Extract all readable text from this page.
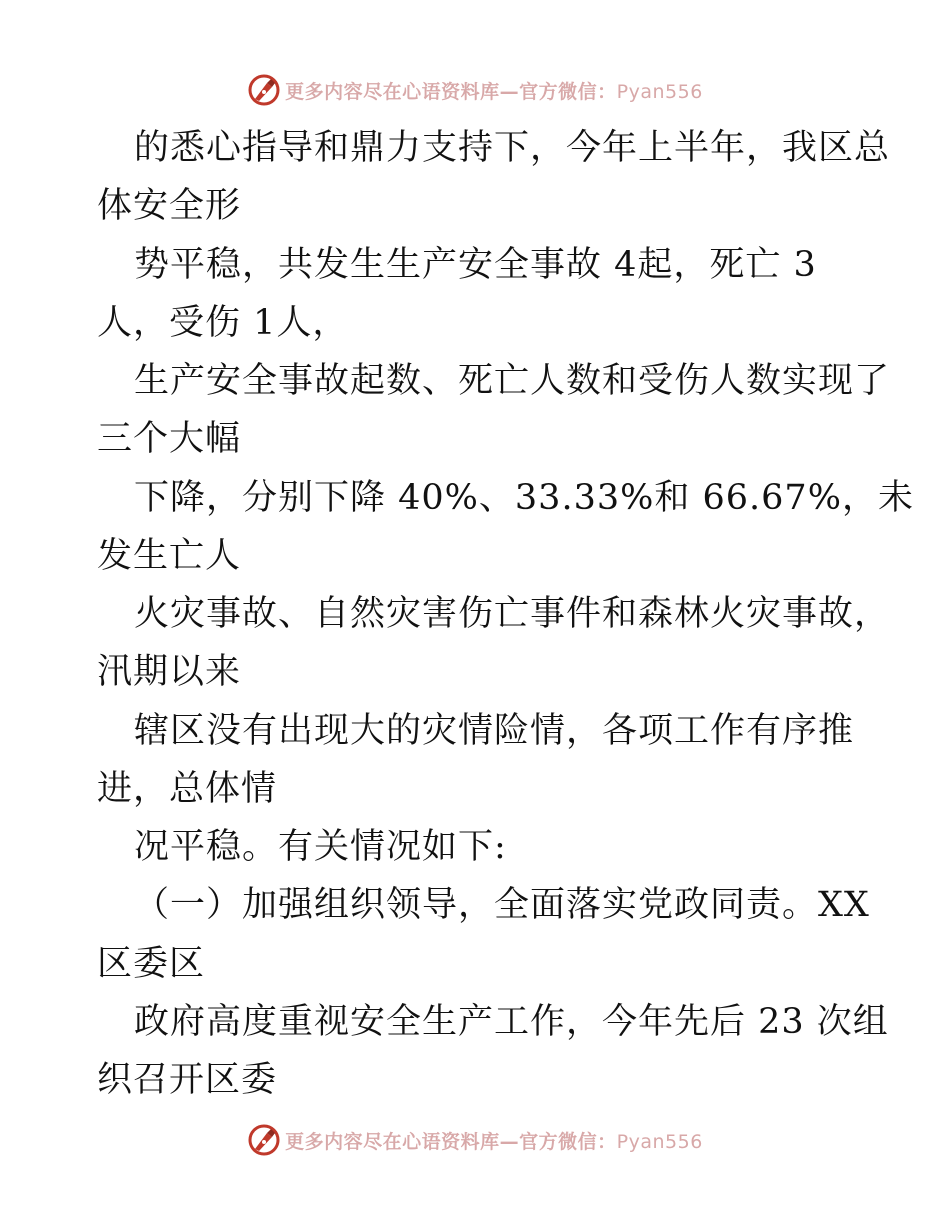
更多内容尽在心语资料库—官方微信：Pyan556
的悉心指导和鼎力支持下，今年上半年，我区总
体安全形
势平稳，共发生生产安全事故 4起，死亡 3
人，受伤 1人，
生产安全事故起数、死亡人数和受伤人数实现了
三个大幅
下降，分别下降 40%、33.33%和 66.67%，未
发生亡人
火灾事故、自然灾害伤亡事件和森林火灾事故，
汛期以来
辖区没有出现大的灾情险情，各项工作有序推
进，总体情
况平稳。有关情况如下:
（一）加强组织领导，全面落实党政同责。XX
区委区
政府高度重视安全生产工作，今年先后 23 次组
织召开区委
更多内容尽在心语资料库—官方微信：Pyan556
